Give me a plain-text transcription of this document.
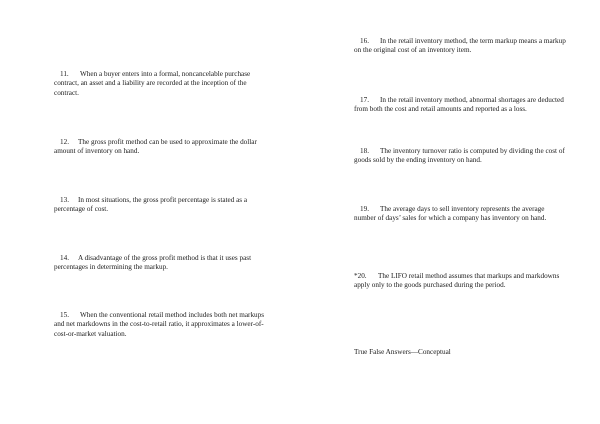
11. When a buyer enters into a formal, noncancelable purchase contract, an asset and a liability are recorded at the inception of the contract.

12. The gross profit method can be used to approximate the dollar amount of inventory on hand.

13. In most situations, the gross profit percentage is stated as a percentage of cost.

14. A disadvantage of the gross profit method is that it uses past percentages in determining the markup.

15. When the conventional retail method includes both net markups and net markdowns in the cost-to-retail ratio, it approximates a lower-of-cost-or-market valuation.

16. In the retail inventory method, the term markup means a markup on the original cost of an inventory item.

17. In the retail inventory method, abnormal shortages are deducted from both the cost and retail amounts and reported as a loss.

18. The inventory turnover ratio is computed by dividing the cost of goods sold by the ending inventory on hand.

19. The average days to sell inventory represents the average number of days’ sales for which a company has inventory on hand.

*20. The LIFO retail method assumes that markups and markdowns apply only to the goods purchased during the period.

True False Answers—Conceptual
